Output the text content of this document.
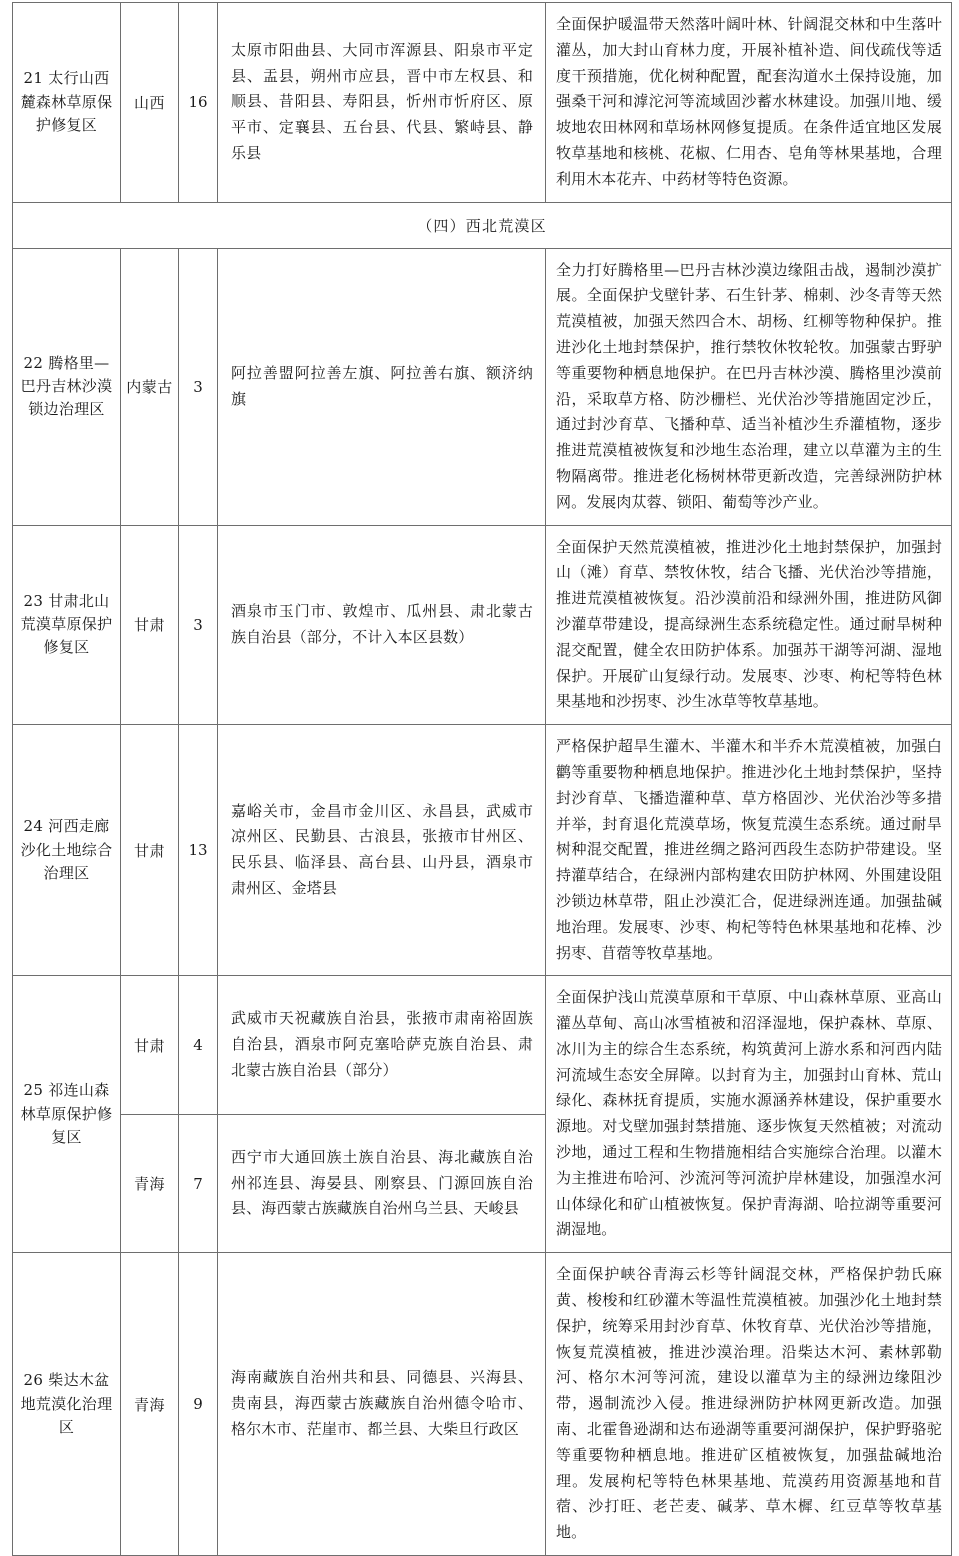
21 太行山西麓森林草原保护修复区	山西	16	太原市阳曲县、大同市浑源县、阳泉市平定县、盂县，朔州市应县，晋中市左权县、和顺县、昔阳县、寿阳县，忻州市忻府区、原平市、定襄县、五台县、代县、繁峙县、静乐县	全面保护暖温带天然落叶阔叶林、针阔混交林和中生落叶灌丛，加大封山育林力度，开展补植补造、间伐疏伐等适度干预措施，优化树种配置，配套沟道水土保持设施，加强桑干河和滹沱河等流域固沙蓄水林建设。加强川地、缓坡地农田林网和草场林网修复提质。在条件适宜地区发展牧草基地和核桃、花椒、仁用杏、皂角等林果基地，合理利用木本花卉、中药材等特色资源。

（四）西北荒漠区				

22 腾格里—巴丹吉林沙漠锁边治理区	内蒙古	3	阿拉善盟阿拉善左旗、阿拉善右旗、额济纳旗	全力打好腾格里—巴丹吉林沙漠边缘阻击战，遏制沙漠扩展。全面保护戈壁针茅、石生针茅、棉刺、沙冬青等天然荒漠植被，加强天然四合木、胡杨、红柳等物种保护。推进沙化土地封禁保护，推行禁牧休牧轮牧。加强蒙古野驴等重要物种栖息地保护。在巴丹吉林沙漠、腾格里沙漠前沿，采取草方格、防沙栅栏、光伏治沙等措施固定沙丘，通过封沙育草、飞播种草、适当补植沙生乔灌植物，逐步推进荒漠植被恢复和沙地生态治理，建立以草灌为主的生物隔离带。推进老化杨树林带更新改造，完善绿洲防护林网。发展肉苁蓉、锁阳、葡萄等沙产业。

23 甘肃北山荒漠草原保护修复区	甘肃	3	酒泉市玉门市、敦煌市、瓜州县、肃北蒙古族自治县（部分，不计入本区县数）	全面保护天然荒漠植被，推进沙化土地封禁保护，加强封山（滩）育草、禁牧休牧，结合飞播、光伏治沙等措施，推进荒漠植被恢复。沿沙漠前沿和绿洲外围，推进防风御沙灌草带建设，提高绿洲生态系统稳定性。通过耐旱树种混交配置，健全农田防护体系。加强苏干湖等河湖、湿地保护。开展矿山复绿行动。发展枣、沙枣、枸杞等特色林果基地和沙拐枣、沙生冰草等牧草基地。

24 河西走廊沙化土地综合治理区	甘肃	13	嘉峪关市，金昌市金川区、永昌县，武威市凉州区、民勤县、古浪县，张掖市甘州区、民乐县、临泽县、高台县、山丹县，酒泉市肃州区、金塔县	严格保护超旱生灌木、半灌木和半乔木荒漠植被，加强白鹳等重要物种栖息地保护。推进沙化土地封禁保护，坚持封沙育草、飞播造灌种草、草方格固沙、光伏治沙等多措并举，封育退化荒漠草场，恢复荒漠生态系统。通过耐旱树种混交配置，推进丝绸之路河西段生态防护带建设。坚持灌草结合，在绿洲内部构建农田防护林网、外围建设阻沙锁边林草带，阻止沙漠汇合，促进绿洲连通。加强盐碱地治理。发展枣、沙枣、枸杞等特色林果基地和花棒、沙拐枣、苜蓿等牧草基地。

25 祁连山森林草原保护修复区	甘肃	4	武威市天祝藏族自治县，张掖市肃南裕固族自治县，酒泉市阿克塞哈萨克族自治县、肃北蒙古族自治县（部分）	全面保护浅山荒漠草原和干草原、中山森林草原、亚高山灌丛草甸、高山冰雪植被和沼泽湿地，保护森林、草原、冰川为主的综合生态系统，构筑黄河上游水系和河西内陆河流域生态安全屏障。以封育为主，加强封山育林、荒山绿化、森林抚育提质，实施水源涵养林建设，保护重要水源地。对戈壁加强封禁措施、逐步恢复天然植被；对流动沙地，通过工程和生物措施相结合实施综合治理。以灌木为主推进布哈河、沙流河等河流护岸林建设，加强湟水河山体绿化和矿山植被恢复。保护青海湖、哈拉湖等重要河湖湿地。

	青海	7	西宁市大通回族土族自治县、海北藏族自治州祁连县、海晏县、刚察县、门源回族自治县、海西蒙古族藏族自治州乌兰县、天峻县	

26 柴达木盆地荒漠化治理区	青海	9	海南藏族自治州共和县、同德县、兴海县、贵南县，海西蒙古族藏族自治州德令哈市、格尔木市、茫崖市、都兰县、大柴旦行政区	全面保护峡谷青海云杉等针阔混交林，严格保护勃氏麻黄、梭梭和红砂灌木等温性荒漠植被。加强沙化土地封禁保护，统筹采用封沙育草、休牧育草、光伏治沙等措施，恢复荒漠植被，推进沙漠治理。沿柴达木河、素林郭勒河、格尔木河等河流，建设以灌草为主的绿洲边缘阻沙带，遏制流沙入侵。推进绿洲防护林网更新改造。加强南、北霍鲁逊湖和达布逊湖等重要河湖保护，保护野骆驼等重要物种栖息地。推进矿区植被恢复，加强盐碱地治理。发展枸杞等特色林果基地、荒漠药用资源基地和苜蓿、沙打旺、老芒麦、碱茅、草木樨、红豆草等牧草基地。
